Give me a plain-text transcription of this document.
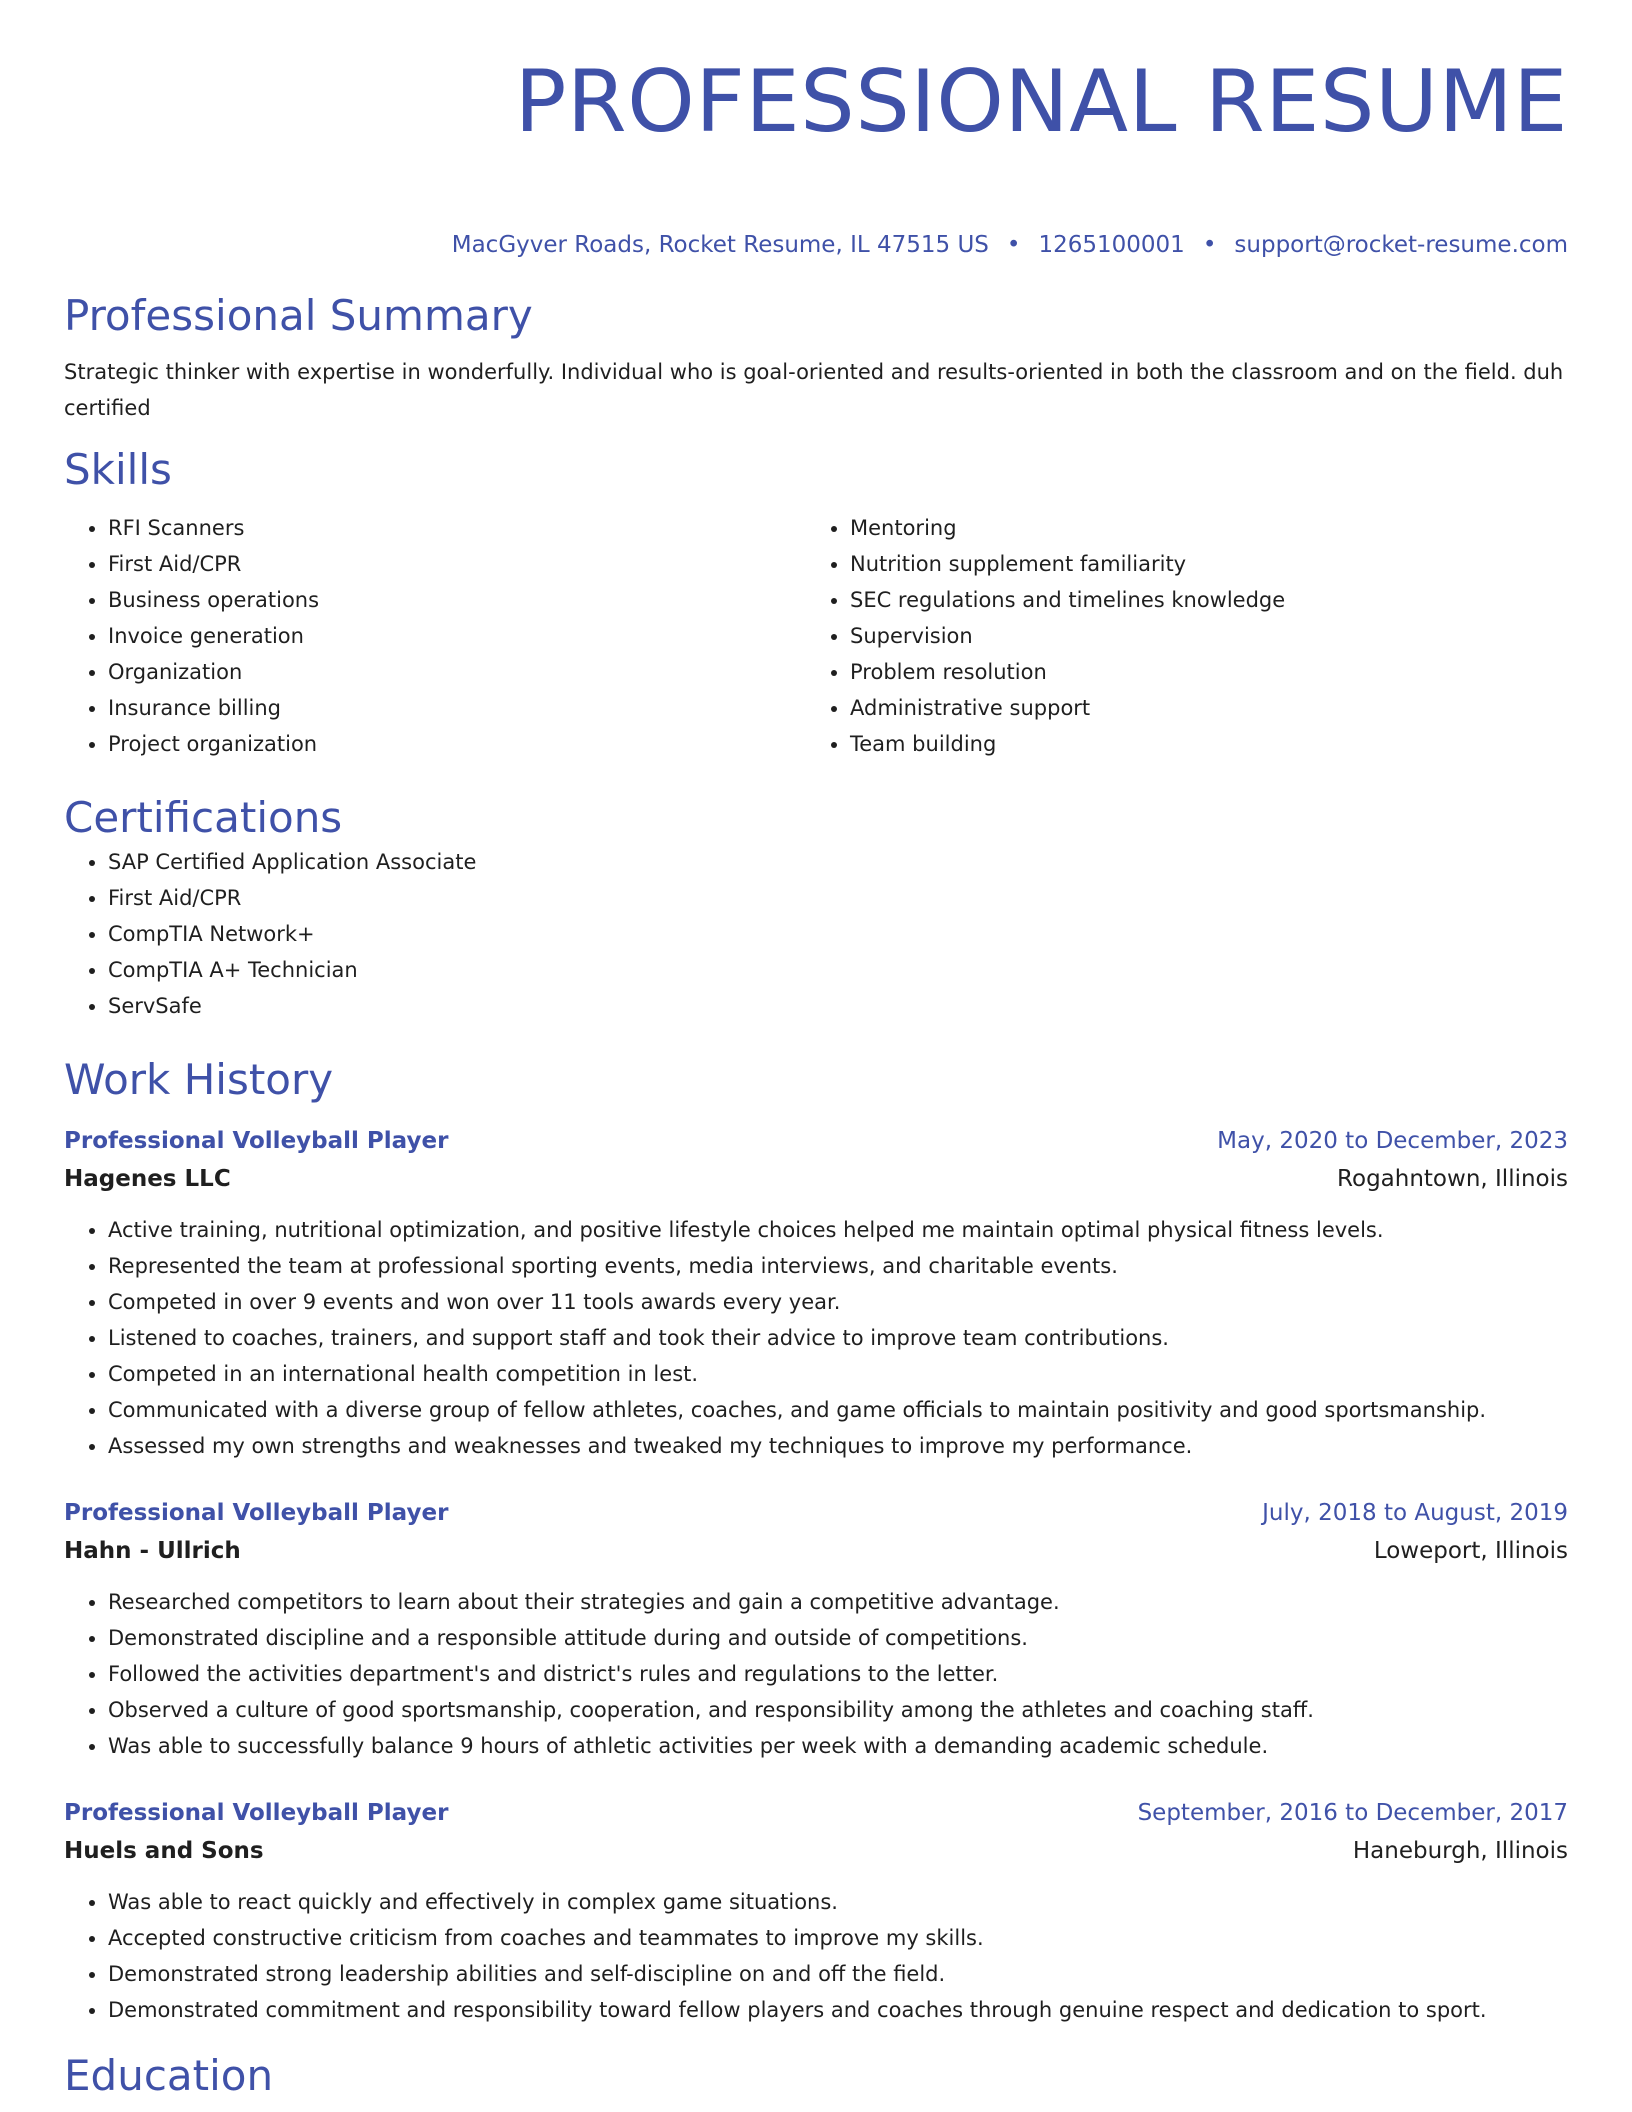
PROFESSIONAL RESUME
MacGyver Roads, Rocket Resume, IL 47515 US • 1265100001 • support@rocket-resume.com
Professional Summary
Strategic thinker with expertise in wonderfully. Individual who is goal-oriented and results-oriented in both the classroom and on the field. duh certified
Skills
• RFI Scanners
• First Aid/CPR
• Business operations
• Invoice generation
• Organization
• Insurance billing
• Project organization
• Mentoring
• Nutrition supplement familiarity
• SEC regulations and timelines knowledge
• Supervision
• Problem resolution
• Administrative support
• Team building
Certifications
• SAP Certified Application Associate
• First Aid/CPR
• CompTIA Network+
• CompTIA A+ Technician
• ServSafe
Work History
Professional Volleyball Player	May, 2020 to December, 2023
Hagenes LLC	Rogahntown, Illinois
• Active training, nutritional optimization, and positive lifestyle choices helped me maintain optimal physical fitness levels.
• Represented the team at professional sporting events, media interviews, and charitable events.
• Competed in over 9 events and won over 11 tools awards every year.
• Listened to coaches, trainers, and support staff and took their advice to improve team contributions.
• Competed in an international health competition in lest.
• Communicated with a diverse group of fellow athletes, coaches, and game officials to maintain positivity and good sportsmanship.
• Assessed my own strengths and weaknesses and tweaked my techniques to improve my performance.
Professional Volleyball Player	July, 2018 to August, 2019
Hahn - Ullrich	Loweport, Illinois
• Researched competitors to learn about their strategies and gain a competitive advantage.
• Demonstrated discipline and a responsible attitude during and outside of competitions.
• Followed the activities department's and district's rules and regulations to the letter.
• Observed a culture of good sportsmanship, cooperation, and responsibility among the athletes and coaching staff.
• Was able to successfully balance 9 hours of athletic activities per week with a demanding academic schedule.
Professional Volleyball Player	September, 2016 to December, 2017
Huels and Sons	Haneburgh, Illinois
• Was able to react quickly and effectively in complex game situations.
• Accepted constructive criticism from coaches and teammates to improve my skills.
• Demonstrated strong leadership abilities and self-discipline on and off the field.
• Demonstrated commitment and responsibility toward fellow players and coaches through genuine respect and dedication to sport.
Education
